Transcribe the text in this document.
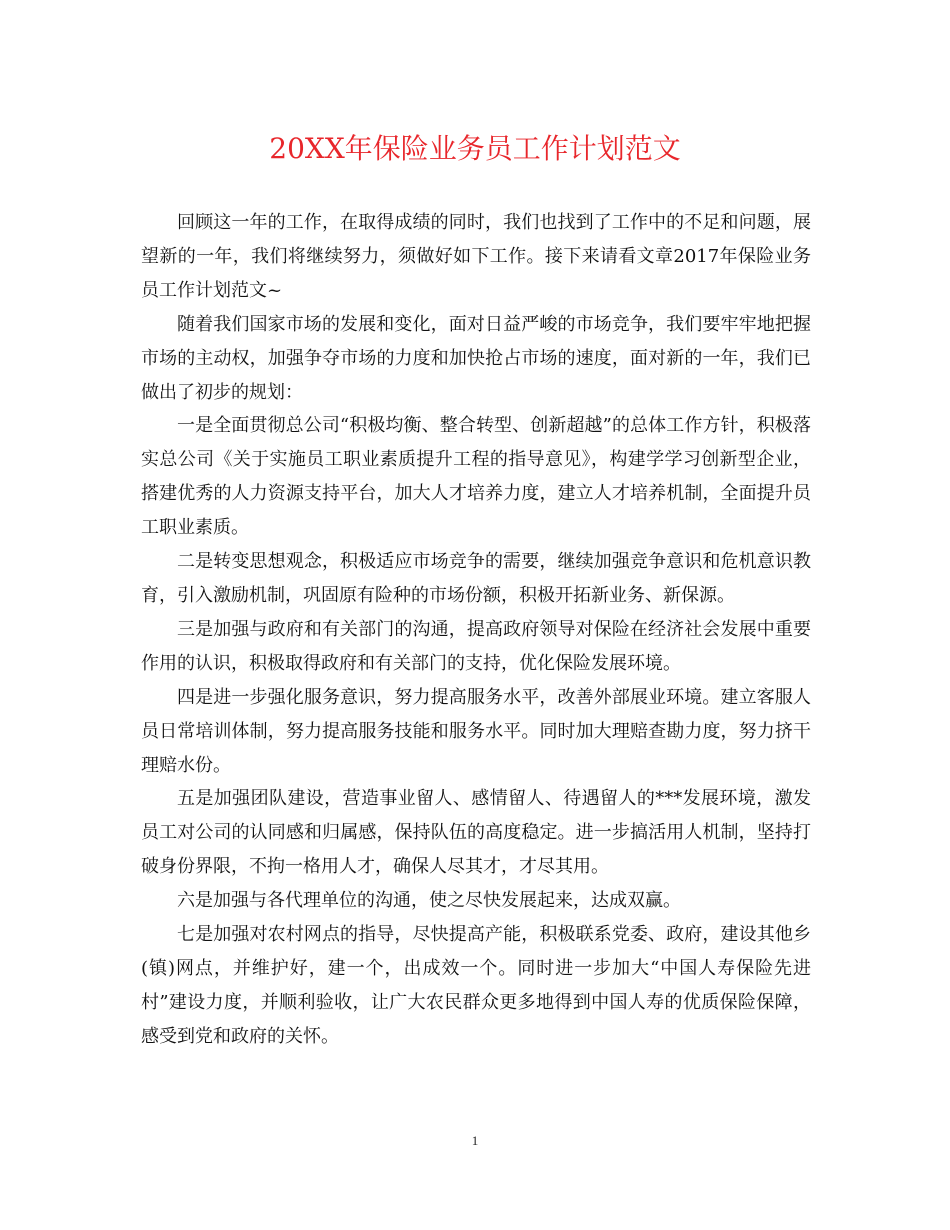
20XX年保险业务员工作计划范文

回顾这一年的工作，在取得成绩的同时，我们也找到了工作中的不足和问题，展望新的一年，我们将继续努力，须做好如下工作。接下来请看文章2017年保险业务员工作计划范文~

随着我们国家市场的发展和变化，面对日益严峻的市场竞争，我们要牢牢地把握市场的主动权，加强争夺市场的力度和加快抢占市场的速度，面对新的一年，我们已做出了初步的规划：

一是全面贯彻总公司“积极均衡、整合转型、创新超越”的总体工作方针，积极落实总公司《关于实施员工职业素质提升工程的指导意见》，构建学学习创新型企业，搭建优秀的人力资源支持平台，加大人才培养力度，建立人才培养机制，全面提升员工职业素质。

二是转变思想观念，积极适应市场竞争的需要，继续加强竞争意识和危机意识教育，引入激励机制，巩固原有险种的市场份额，积极开拓新业务、新保源。

三是加强与政府和有关部门的沟通，提高政府领导对保险在经济社会发展中重要作用的认识，积极取得政府和有关部门的支持，优化保险发展环境。

四是进一步强化服务意识，努力提高服务水平，改善外部展业环境。建立客服人员日常培训体制，努力提高服务技能和服务水平。同时加大理赔查勘力度，努力挤干理赔水份。

五是加强团队建设，营造事业留人、感情留人、待遇留人的***发展环境，激发员工对公司的认同感和归属感，保持队伍的高度稳定。进一步搞活用人机制，坚持打破身份界限，不拘一格用人才，确保人尽其才，才尽其用。

六是加强与各代理单位的沟通，使之尽快发展起来，达成双赢。

七是加强对农村网点的指导，尽快提高产能，积极联系党委、政府，建设其他乡(镇)网点，并维护好，建一个，出成效一个。同时进一步加大“中国人寿保险先进村”建设力度，并顺利验收，让广大农民群众更多地得到中国人寿的优质保险保障，感受到党和政府的关怀。

1
